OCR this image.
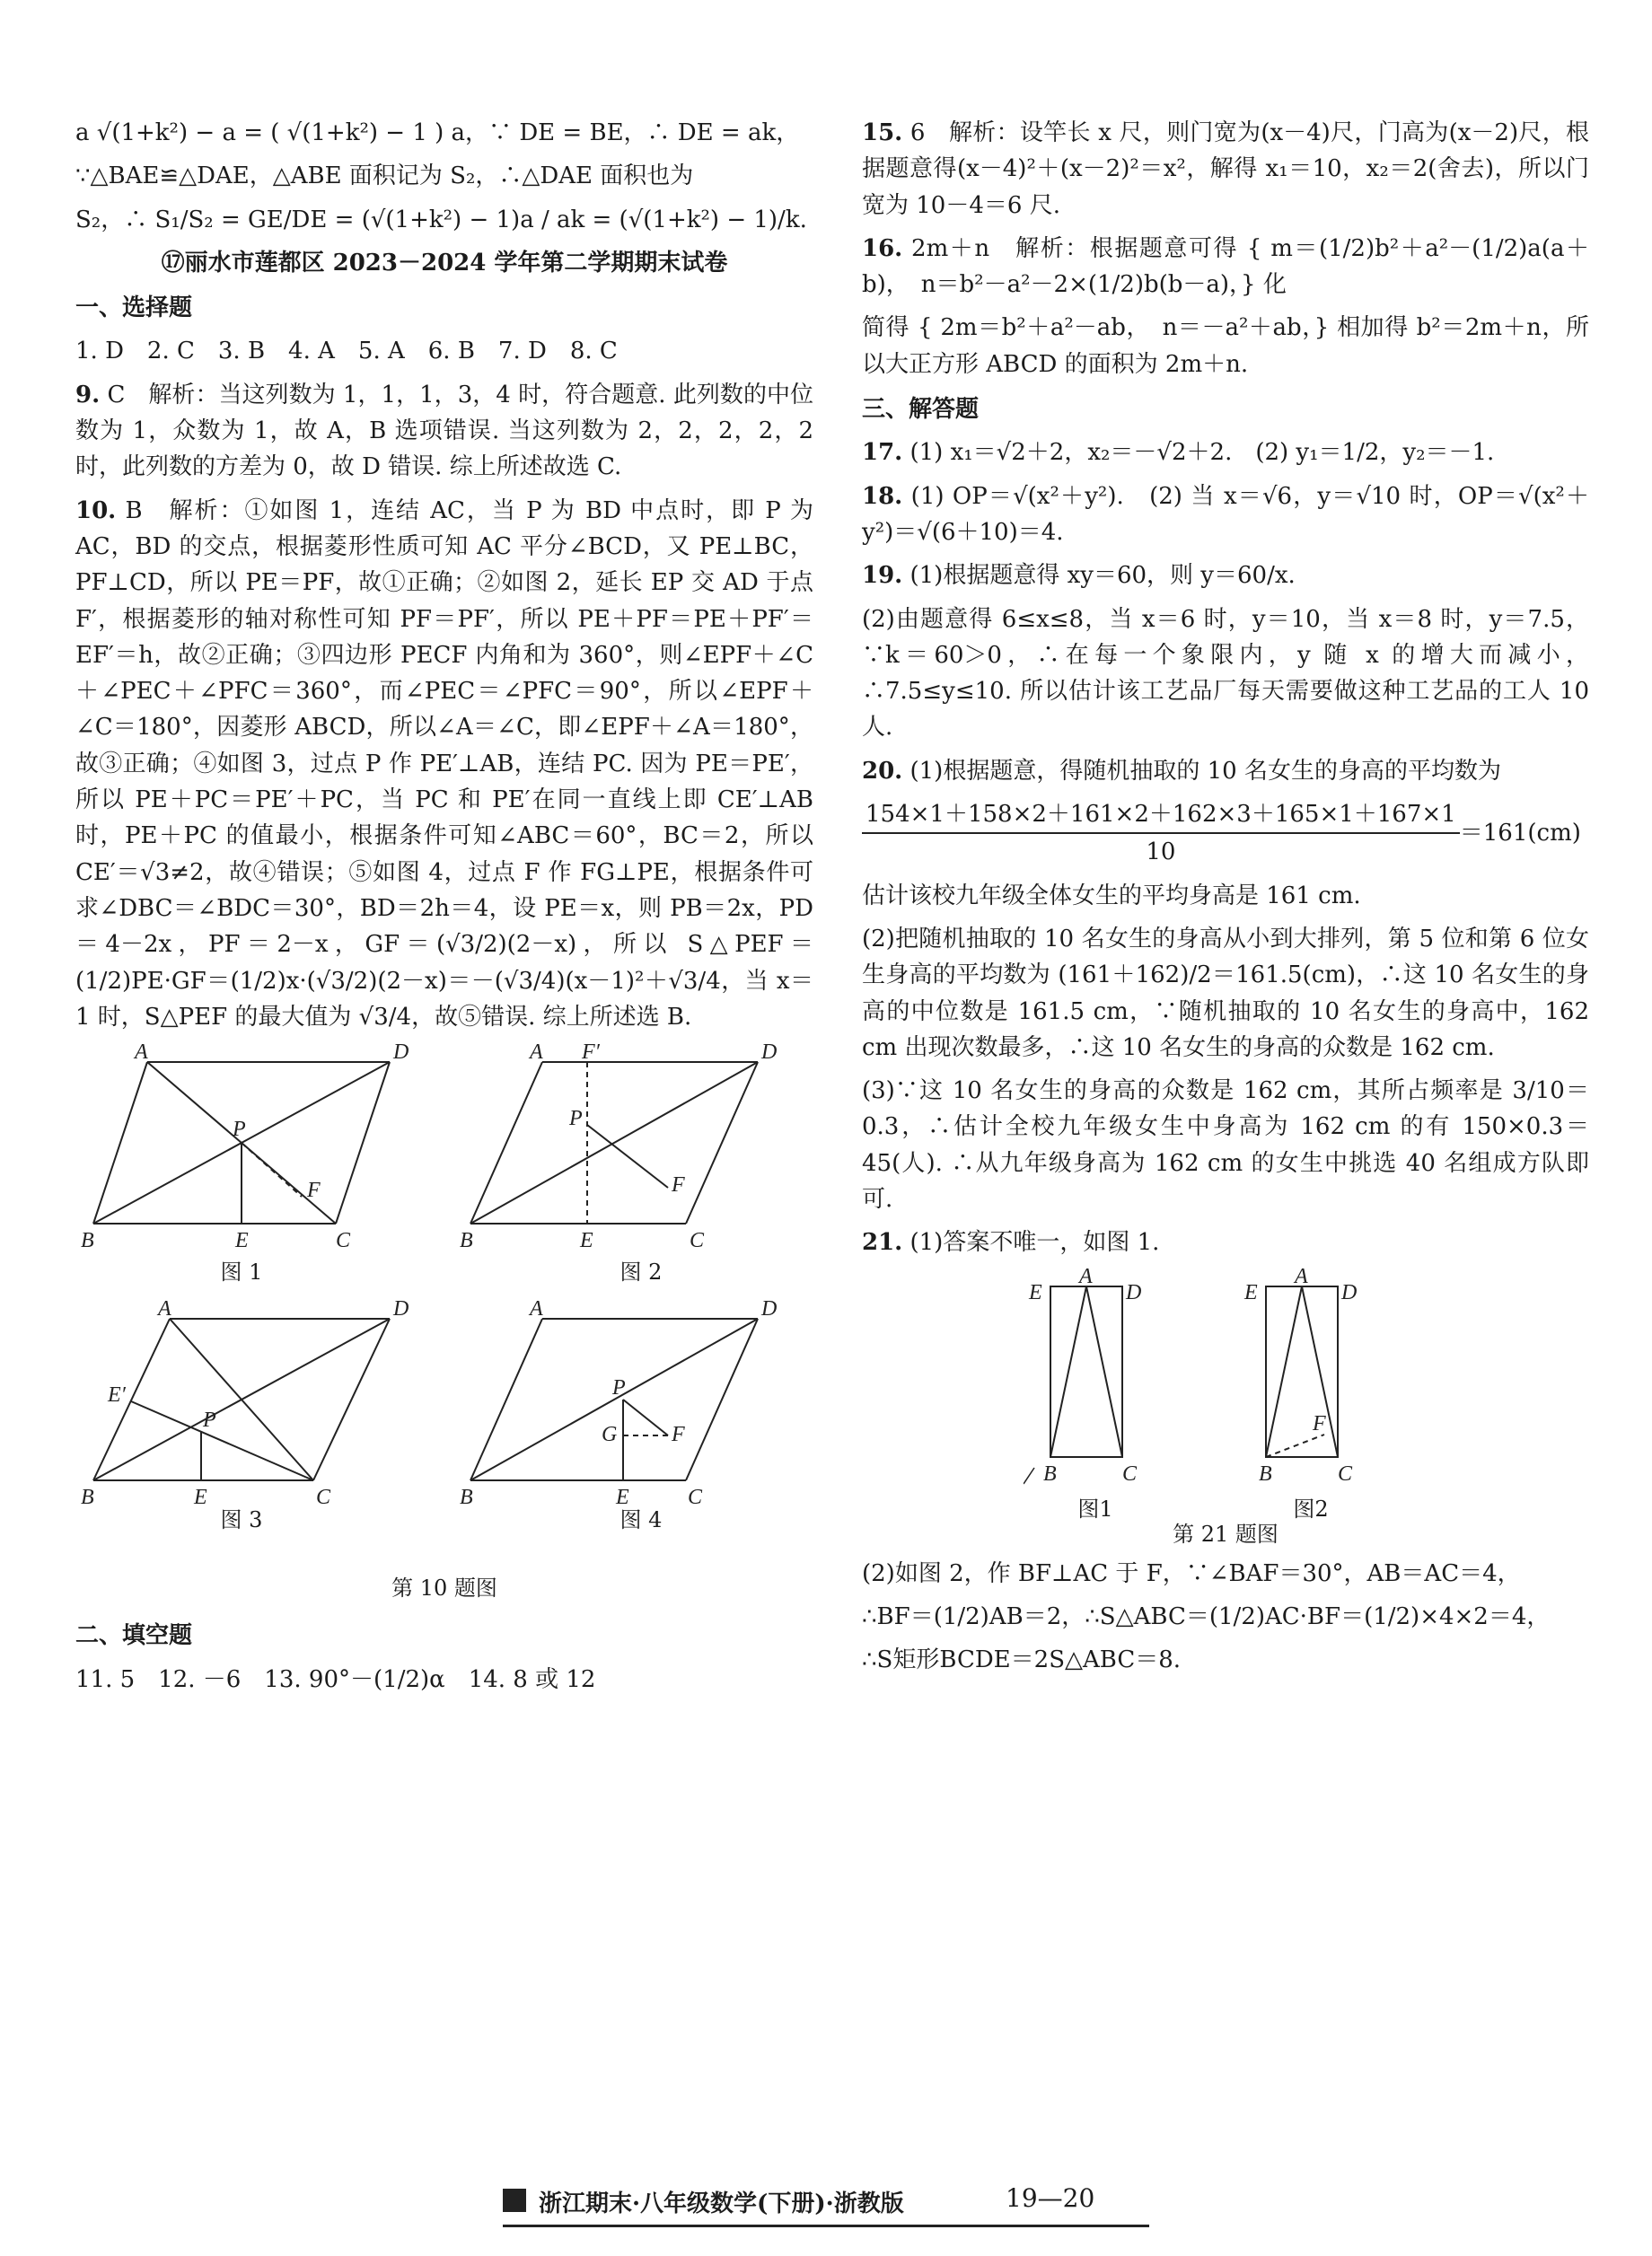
a √(1+k²) − a = ( √(1+k²) − 1 ) a，∵ DE = BE，∴ DE = ak，

∵△BAE≌△DAE，△ABE 面积记为 S₂，∴△DAE 面积也为

S₂，∴ S₁/S₂ = GE/DE = (√(1+k²) − 1)a / ak = (√(1+k²) − 1)/k.

⑰丽水市莲都区 2023－2024 学年第二学期期末试卷
一、选择题
1. D　2. C　3. B　4. A　5. A　6. B　7. D　8. C

9. C　解析：当这列数为 1，1，1，3，4 时，符合题意. 此列数的中位数为 1，众数为 1，故 A，B 选项错误. 当这列数为 2，2，2，2，2 时，此列数的方差为 0，故 D 错误. 综上所述故选 C.

10. B　解析：①如图 1，连结 AC，当 P 为 BD 中点时，即 P 为 AC，BD 的交点，根据菱形性质可知 AC 平分∠BCD，又 PE⊥BC，PF⊥CD，所以 PE＝PF，故①正确；②如图 2，延长 EP 交 AD 于点 F′，根据菱形的轴对称性可知 PF＝PF′，所以 PE＋PF＝PE＋PF′＝EF′＝h，故②正确；③四边形 PECF 内角和为 360°，则∠EPF＋∠C＋∠PEC＋∠PFC＝360°，而∠PEC＝∠PFC＝90°，所以∠EPF＋∠C＝180°，因菱形 ABCD，所以∠A＝∠C，即∠EPF＋∠A＝180°，故③正确；④如图 3，过点 P 作 PE′⊥AB，连结 PC. 因为 PE＝PE′，所以 PE＋PC＝PE′＋PC，当 PC 和 PE′在同一直线上即 CE′⊥AB 时，PE＋PC 的值最小，根据条件可知∠ABC＝60°，BC＝2，所以 CE′＝√3≠2，故④错误；⑤如图 4，过点 F 作 FG⊥PE，根据条件可求∠DBC＝∠BDC＝30°，BD＝2h＝4，设 PE＝x，则 PB＝2x，PD＝4－2x，PF＝2－x，GF＝(√3/2)(2－x)，所以 S△PEF＝(1/2)PE·GF＝(1/2)x·(√3/2)(2－x)＝－(√3/4)(x－1)²＋√3/4，当 x＝1 时，S△PEF 的最大值为 √3/4，故⑤错误. 综上所述选 B.

A	D
B	C
E
P
F
图 1
A F′	D
B	E	C
P
F
图 2
A	D
E′
P
B	E	C
图 3
A	D
P
G	F
B	E	C
图 4
第 10 题图
二、填空题
11. 5　12. －6　13. 90°－(1/2)α　14. 8 或 12

15. 6　解析：设竿长 x 尺，则门宽为(x－4)尺，门高为(x－2)尺，根据题意得(x－4)²＋(x－2)²＝x²，解得 x₁＝10，x₂＝2(舍去)，所以门宽为 10－4＝6 尺.

16. 2m＋n　解析：根据题意可得 { m＝(1/2)b²＋a²－(1/2)a(a＋b)，　n＝b²－a²－2×(1/2)b(b－a)，} 化

简得 { 2m＝b²＋a²－ab，　n＝－a²＋ab，} 相加得 b²＝2m＋n，所以大正方形 ABCD 的面积为 2m＋n.

三、解答题

17. (1) x₁＝√2＋2，x₂＝－√2＋2.　(2) y₁＝1/2，y₂＝－1.

18. (1) OP＝√(x²＋y²).　(2) 当 x＝√6，y＝√10 时，OP＝√(x²＋y²)＝√(6＋10)＝4.

19. (1)根据题意得 xy＝60，则 y＝60/x.

(2)由题意得 6≤x≤8，当 x＝6 时，y＝10，当 x＝8 时，y＝7.5，∵k＝60＞0，∴在每一个象限内，y 随 x 的增大而减小，∴7.5≤y≤10. 所以估计该工艺品厂每天需要做这种工艺品的工人 10 人.

20. (1)根据题意，得随机抽取的 10 名女生的身高的平均数为

$\frac{154\times 1+158\times 2+161\times 2+162\times 3+165\times 1+167\times 1}{10} =161(cm)$

估计该校九年级全体女生的平均身高是 161 cm.

(2)把随机抽取的 10 名女生的身高从小到大排列，第 5 位和第 6 位女生身高的平均数为 (161＋162)/2＝161.5(cm)，∴这 10 名女生的身高的中位数是 161.5 cm，∵随机抽取的 10 名女生的身高中，162 cm 出现次数最多，∴这 10 名女生的身高的众数是 162 cm.

(3)∵这 10 名女生的身高的众数是 162 cm，其所占频率是 3/10＝0.3，∴估计全校九年级女生中身高为 162 cm 的有 150×0.3＝45(人). ∴从九年级身高为 162 cm 的女生中挑选 40 名组成方队即可.

21. (1)答案不唯一，如图 1.

E
A
D
B	C
E
A
D
F
B	C
图1	图2
第 21 题图

(2)如图 2，作 BF⊥AC 于 F，∵∠BAF＝30°，AB＝AC＝4，

∴BF＝(1/2)AB＝2，∴S△ABC＝(1/2)AC·BF＝(1/2)×4×2＝4，

∴S矩形BCDE＝2S△ABC＝8.

浙江期末·八年级数学(下册)·浙教版	19—20
